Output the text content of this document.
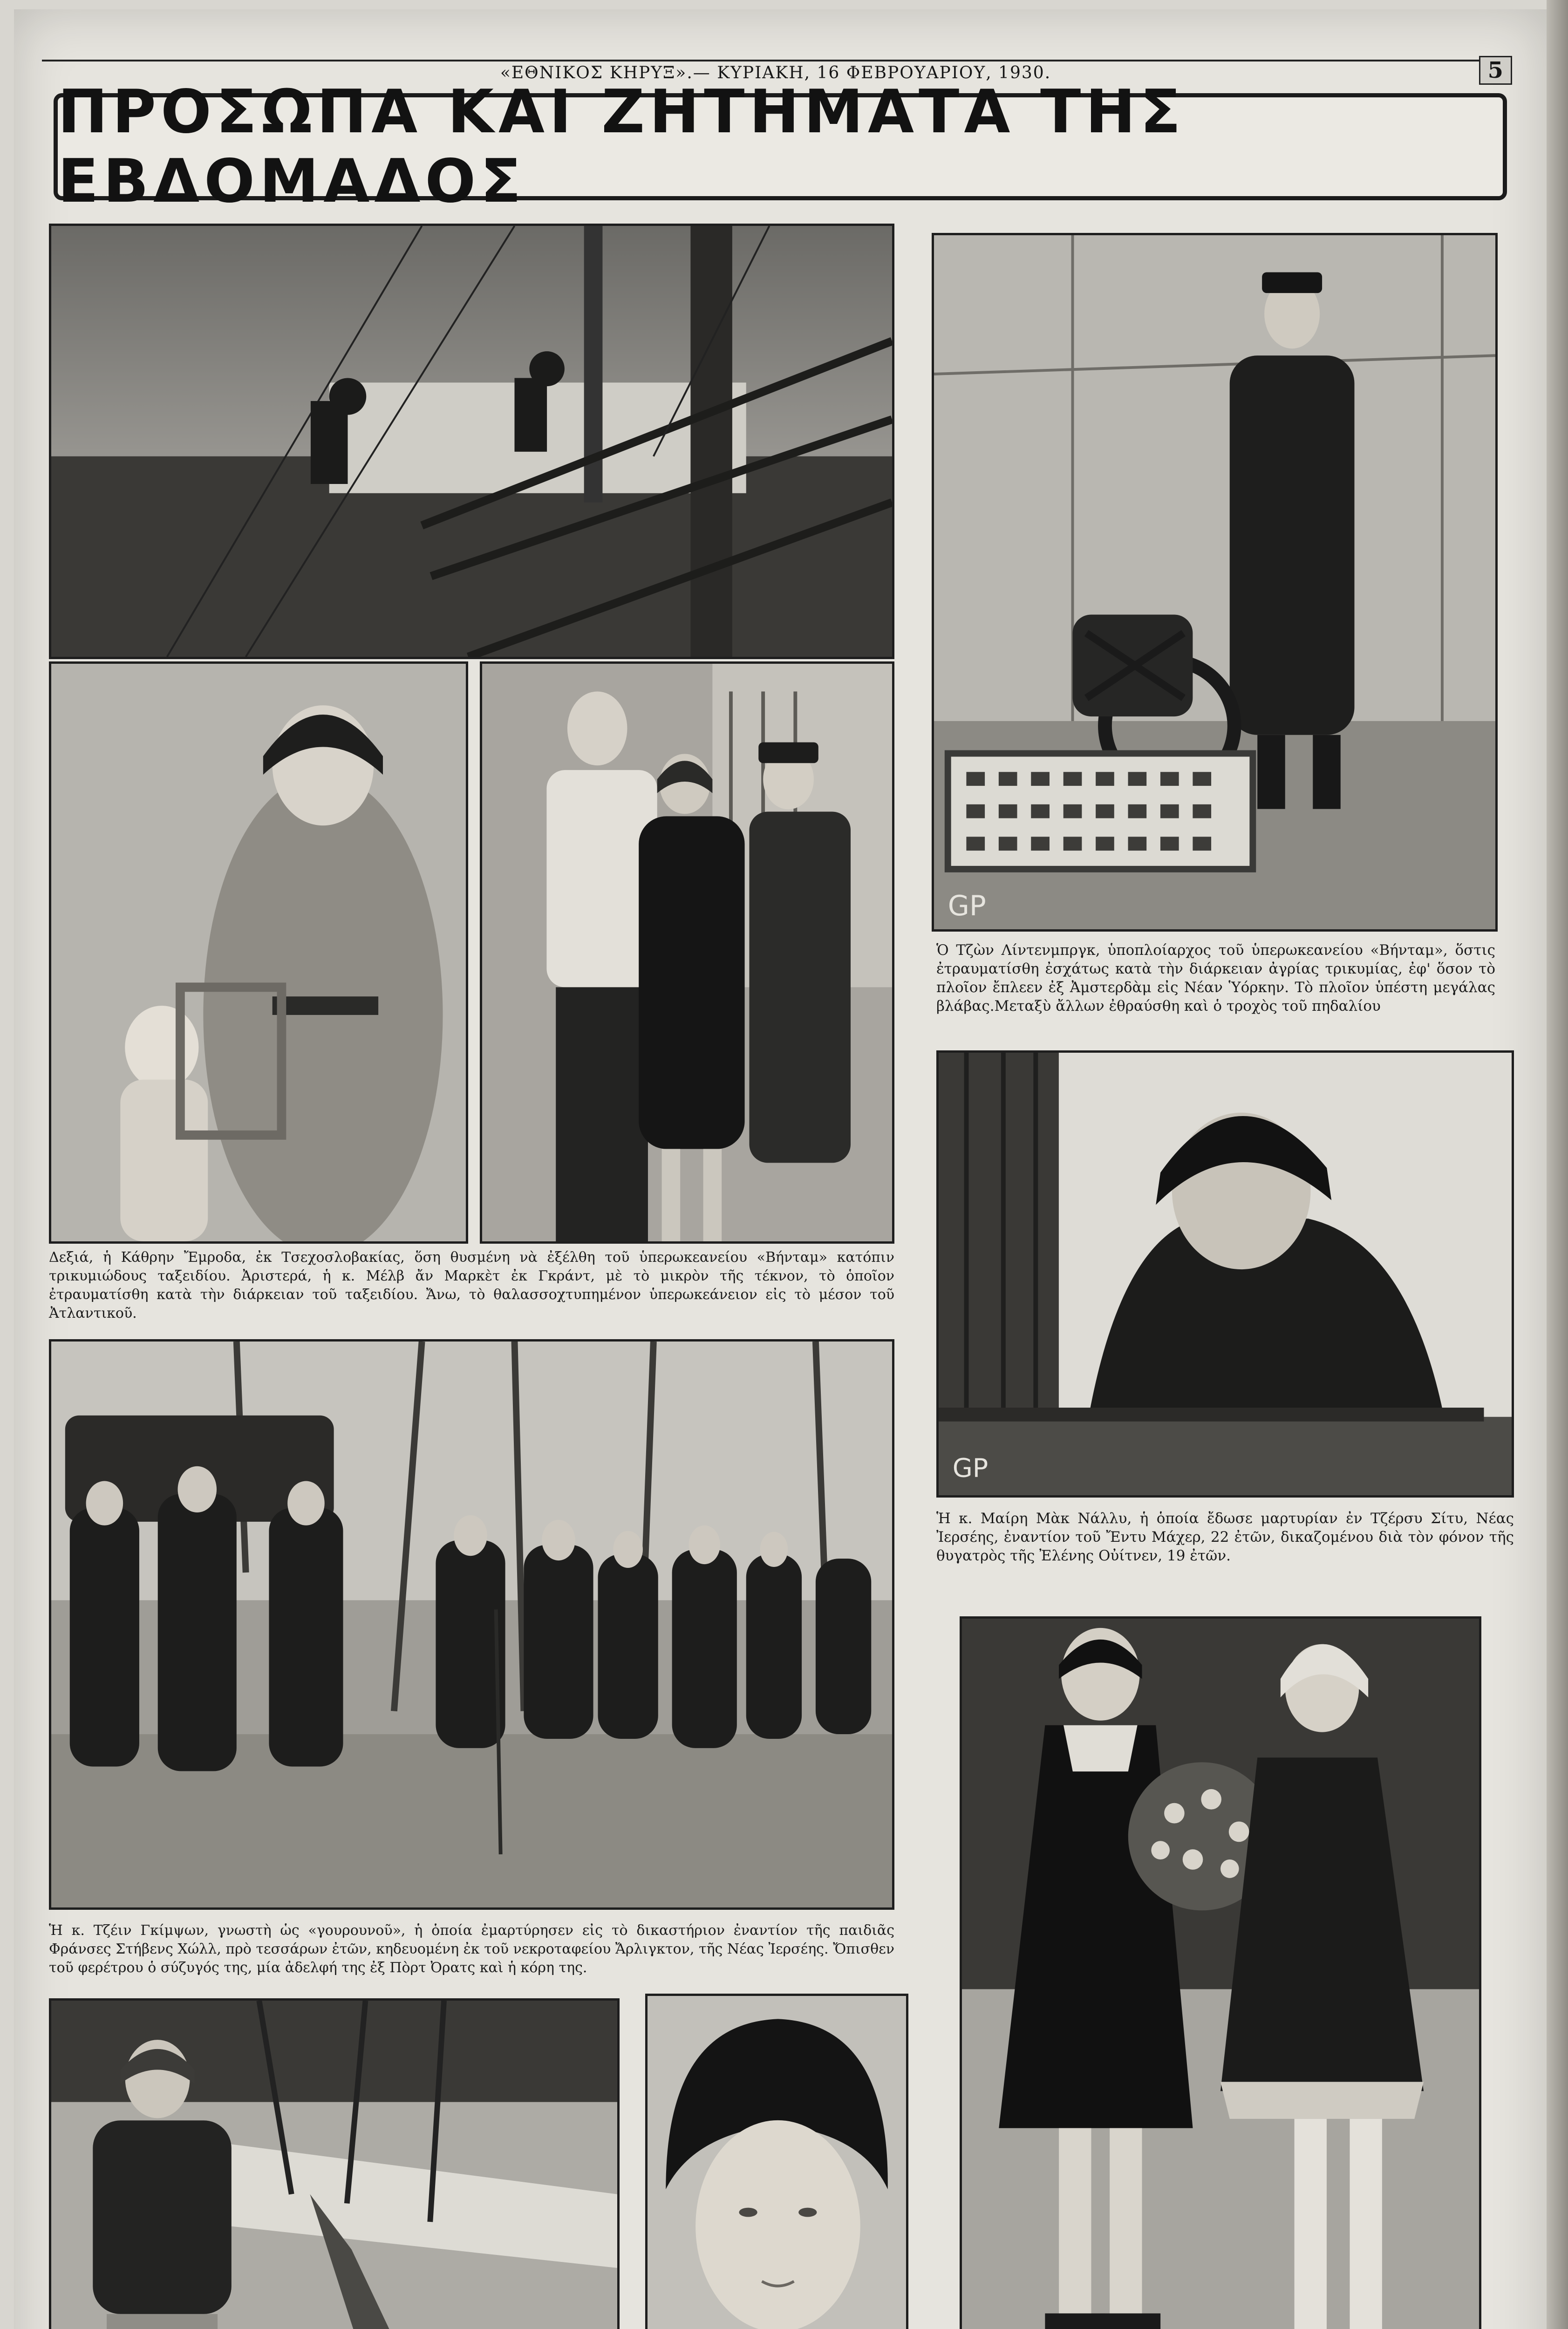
«ΕΘΝΙΚΟΣ ΚΗΡΥΞ».— ΚΥΡΙΑΚΗ, 16 ΦΕΒΡΟΥΑΡΙΟΥ, 1930.	5
ΠΡΟΣΩΠΑ ΚΑΙ ΖΗΤΗΜΑΤΑ ΤΗΣ ΕΒΔΟΜΑΔΟΣ
GP
Ὁ Τζὼν Λίντενμπργκ, ὑποπλοίαρχος τοῦ ὑπερωκεανείου «Βήνταμ», ὅστις ἐτραυματίσθη ἐσχάτως κατὰ τὴν διάρκειαν ἀγρίας τρικυμίας, ἐφ' ὅσον τὸ πλοῖον ἔπλεεν ἐξ Ἀμστερδὰμ εἰς Νέαν Ὑόρκην. Τὸ πλοῖον ὑπέστη μεγάλας βλάβας.Μεταξὺ ἄλλων ἐθραύσθη καὶ ὁ τροχὸς τοῦ πηδαλίου
Δεξιά, ἡ Κάθρην Ἔμροδα, ἐκ Τσεχοσλοβακίας, ὅση θυσμένη νὰ ἐξέλθη τοῦ ὑπερωκεανείου «Βήνταμ» κατόπιν τρικυμιώδους ταξειδίου. Ἀριστερά, ἡ κ. Μέλβ ἄν Μαρκὲτ ἐκ Γκράντ, μὲ τὸ μικρὸν τῆς τέκνον, τὸ ὁποῖον ἐτραυματίσθη κατὰ τὴν διάρκειαν τοῦ ταξειδίου. Ἄνω, τὸ θαλασσοχτυπημένον ὑπερωκεάνειον εἰς τὸ μέσον τοῦ Ἀτλαντικοῦ.
GP
Ἡ κ. Μαίρη Μὰκ Νάλλυ, ἡ ὁποία ἔδωσε μαρτυρίαν ἐν Τζέρσυ Σίτυ, Νέας Ἰερσέης, ἐναντίον τοῦ Ἔντυ Μάχερ, 22 ἐτῶν, δικαζομένου διὰ τὸν φόνον τῆς θυγατρὸς τῆς Ἐλένης Οὐίτνεν, 19 ἐτῶν.
Ἡ κ. Τζέιν Γκίμψων, γνωστὴ ὡς «γουρουνοῦ», ἡ ὁποία ἐμαρτύρησεν εἰς τὸ δικαστήριον ἐναντίον τῆς παιδιᾶς Φράνσες Στήβενς Χώλλ, πρὸ τεσσάρων ἐτῶν, κηδευομένη ἐκ τοῦ νεκροταφείου Ἄρλιγκτον, τῆς Νέας Ἰερσέης. Ὄπισθεν τοῦ φερέτρου ὁ σύζυγός της, μία ἀδελφή της ἐξ Πὸρτ Ὀρατς καὶ ἡ κόρη της.
